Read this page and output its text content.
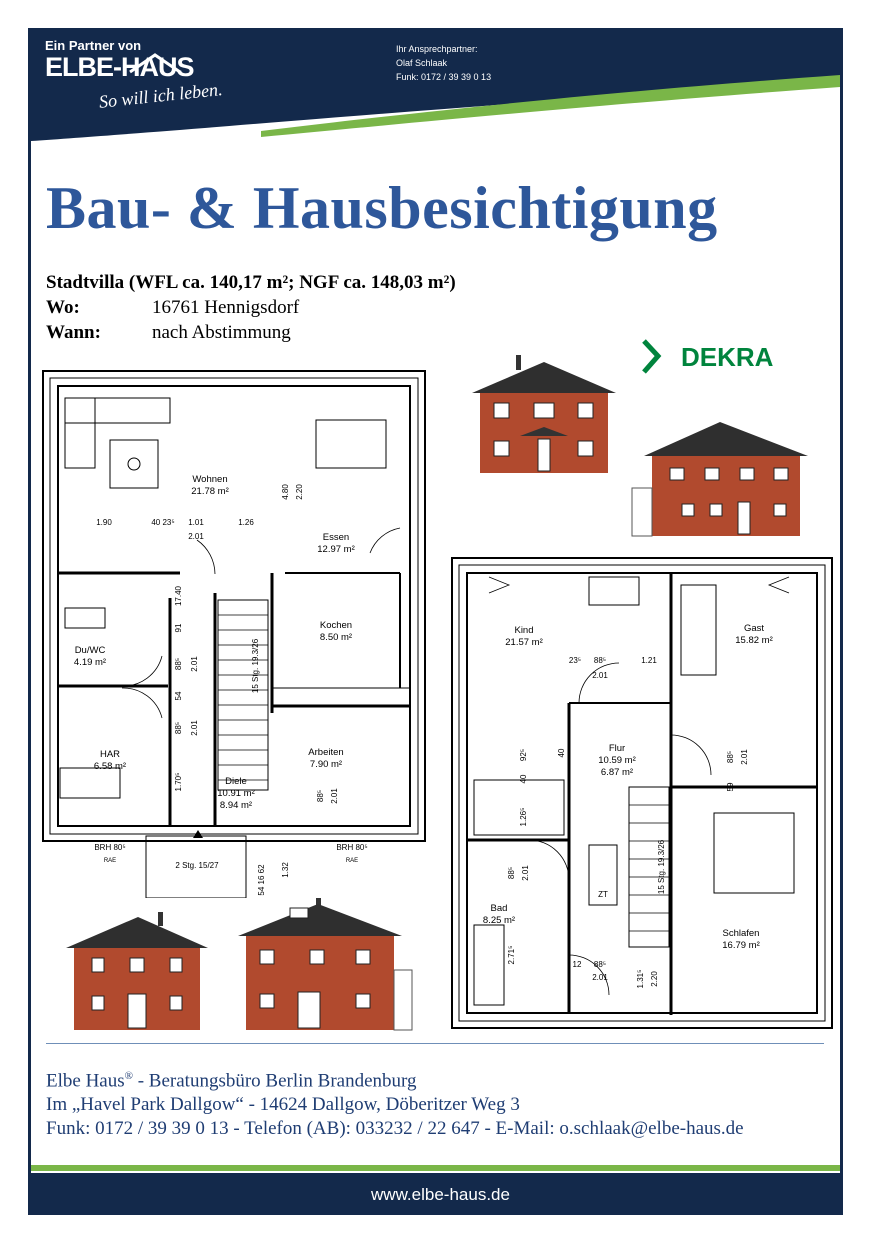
Ein Partner von
ELBE-HAUS
So will ich leben.
Ihr Ansprechpartner:
Olaf Schlaak
Funk: 0172 / 39 39 0 13
Bau- & Hausbesichtigung
Stadtvilla (WFL ca. 140,17 m²; NGF ca. 148,03 m²)
Wo:	16761 Hennigsdorf
Wann:	nach Abstimmung
DEKRA
Wohnen
21.78 m²
Essen
12.97 m²
Kochen
8.50 m²
Du/WC
4.19 m²
HAR
6.58 m²
Arbeiten
7.90 m²
Diele
10.91 m²
8.94 m²
1.90	40 23⁵ 1.01
2.01
1.26
4.80 2.20
17.40
91
88⁵ 2.01
54
88⁵ 2.01
1.70⁵
15 Stg. 19.3/26
88⁵ 2.01
2 Stg. 15/27	54 16 62 1.32
BRH 80⁵
RAE
BRH 80⁵
RAE
Kind
21.57 m²
Gast
15.82 m²
Flur
10.59 m²
6.87 m²
Bad
8.25 m²
Schlafen
16.79 m²
23⁵ 88⁵	1.21
2.01
92⁵	40
40
1.26⁵
88⁵ 2.01
59
88⁵ 2.01	15 Stg. 19.3/26
ZT
2.71⁵
12 88⁵
2.01	1.31⁵ 2.20
Elbe Haus® - Beratungsbüro Berlin Brandenburg
Im „Havel Park Dallgow“ - 14624 Dallgow, Döberitzer Weg 3
Funk: 0172 / 39 39 0 13 - Telefon (AB): 033232 / 22 647 - E-Mail: o.schlaak@elbe-haus.de
www.elbe-haus.de
